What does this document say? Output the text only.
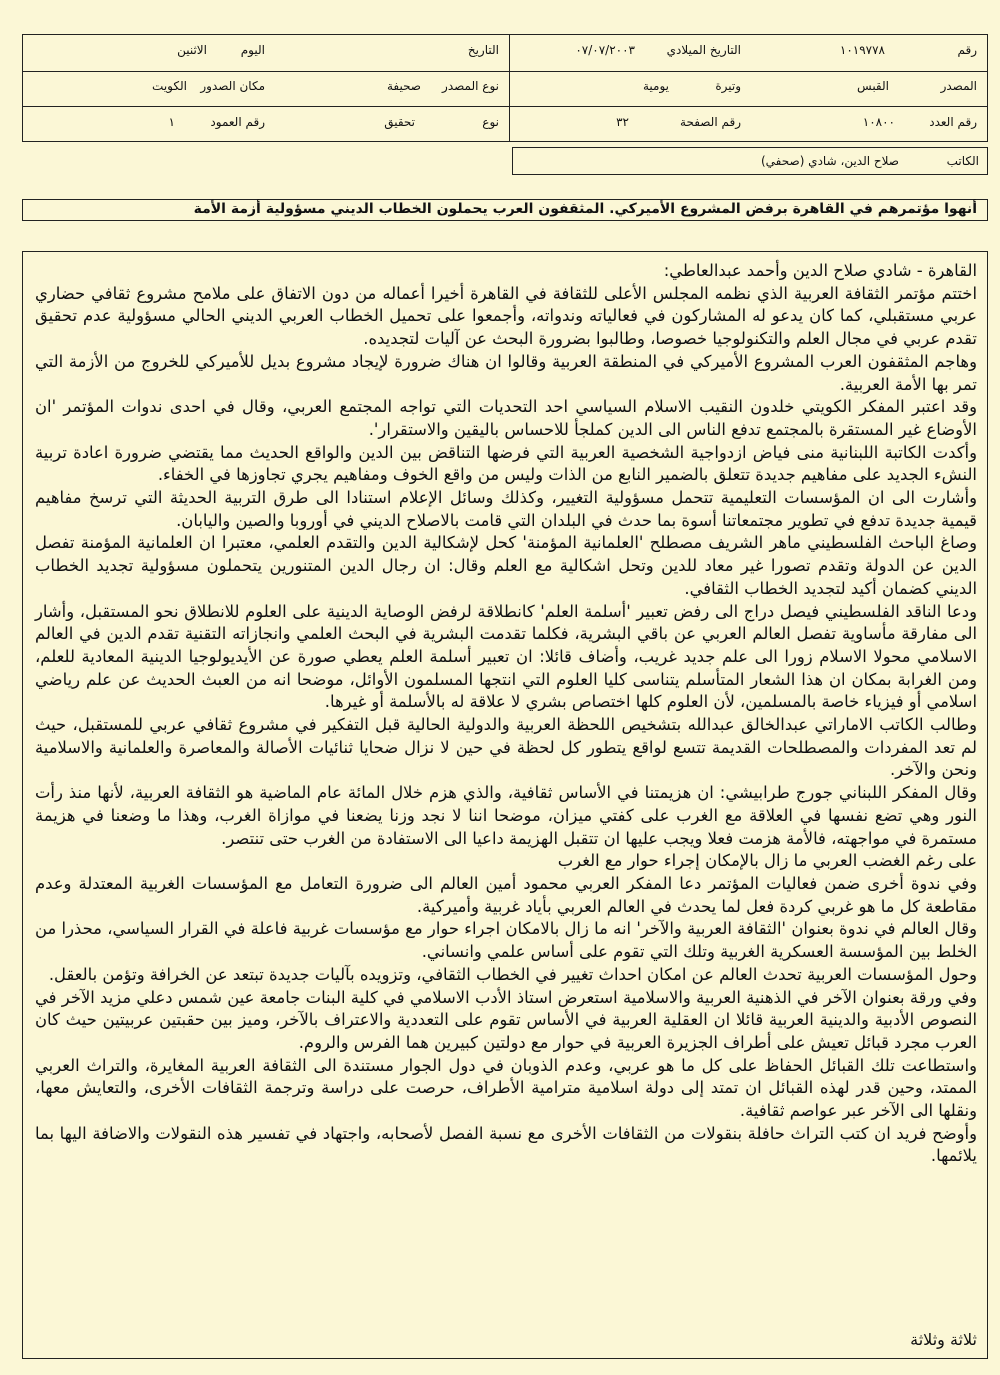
رقم
١٠١٩٧٧٨
التاريخ الميلادي
٠٧/٠٧/٢٠٠٣
التاريخ
اليوم
الاثنين
المصدر
القبس
وتيرة
يومية
نوع المصدر
صحيفة
مكان الصدور
الكويت
رقم العدد
١٠٨٠٠
رقم الصفحة
٣٢
نوع
تحقيق
رقم العمود
١
الكاتب
صلاح الدين، شادي (صحفي)
أنهوا مؤتمرهم في القاهرة برفض المشروع الأميركي. المثقفون العرب يحملون الخطاب الديني مسؤولية أزمة الأمة

القاهرة - شادي صلاح الدين وأحمد عبدالعاطي:

اختتم مؤتمر الثقافة العربية الذي نظمه المجلس الأعلى للثقافة في القاهرة أخيرا أعماله من دون الاتفاق على ملامح مشروع ثقافي حضاري عربي مستقبلي، كما كان يدعو له المشاركون في فعالياته وندواته، وأجمعوا على تحميل الخطاب العربي الديني الحالي مسؤولية عدم تحقيق تقدم عربي في مجال العلم والتكنولوجيا خصوصا، وطالبوا بضرورة البحث عن آليات لتجديده.

وهاجم المثقفون العرب المشروع الأميركي في المنطقة العربية وقالوا ان هناك ضرورة لإيجاد مشروع بديل للأميركي للخروج من الأزمة التي تمر بها الأمة العربية.

وقد اعتبر المفكر الكويتي خلدون النقيب الاسلام السياسي احد التحديات التي تواجه المجتمع العربي، وقال في احدى ندوات المؤتمر 'ان الأوضاع غير المستقرة بالمجتمع تدفع الناس الى الدين كملجأ للاحساس باليقين والاستقرار'.

وأكدت الكاتبة اللبنانية منى فياض ازدواجية الشخصية العربية التي فرضها التناقض بين الدين والواقع الحديث مما يقتضي ضرورة اعادة تربية النشء الجديد على مفاهيم جديدة تتعلق بالضمير النابع من الذات وليس من واقع الخوف ومفاهيم يجري تجاوزها في الخفاء.

وأشارت الى ان المؤسسات التعليمية تتحمل مسؤولية التغيير، وكذلك وسائل الإعلام استنادا الى طرق التربية الحديثة التي ترسخ مفاهيم قيمية جديدة تدفع في تطوير مجتمعاتنا أسوة بما حدث في البلدان التي قامت بالاصلاح الديني في أوروبا والصين واليابان.

وصاغ الباحث الفلسطيني ماهر الشريف مصطلح 'العلمانية المؤمنة' كحل لإشكالية الدين والتقدم العلمي، معتبرا ان العلمانية المؤمنة تفصل الدين عن الدولة وتقدم تصورا غير معاد للدين وتحل اشكالية مع العلم وقال: ان رجال الدين المتنورين يتحملون مسؤولية تجديد الخطاب الديني كضمان أكيد لتجديد الخطاب الثقافي.

ودعا الناقد الفلسطيني فيصل دراج الى رفض تعبير 'أسلمة العلم' كانطلاقة لرفض الوصاية الدينية على العلوم للانطلاق نحو المستقبل، وأشار الى مفارقة مأساوية تفصل العالم العربي عن باقي البشرية، فكلما تقدمت البشرية في البحث العلمي وانجازاته التقنية تقدم الدين في العالم الاسلامي محولا الاسلام زورا الى علم جديد غريب، وأضاف قائلا: ان تعبير أسلمة العلم يعطي صورة عن الأيديولوجيا الدينية المعادية للعلم، ومن الغرابة بمكان ان هذا الشعار المتأسلم يتناسى كليا العلوم التي انتجها المسلمون الأوائل، موضحا انه من العبث الحديث عن علم رياضي اسلامي أو فيزياء خاصة بالمسلمين، لأن العلوم كلها اختصاص بشري لا علاقة له بالأسلمة أو غيرها.

وطالب الكاتب الاماراتي عبدالخالق عبدالله بتشخيص اللحظة العربية والدولية الحالية قبل التفكير في مشروع ثقافي عربي للمستقبل، حيث لم تعد المفردات والمصطلحات القديمة تتسع لواقع يتطور كل لحظة في حين لا نزال ضحايا ثنائيات الأصالة والمعاصرة والعلمانية والاسلامية ونحن والآخر.

وقال المفكر اللبناني جورج طرابيشي: ان هزيمتنا في الأساس ثقافية، والذي هزم خلال المائة عام الماضية هو الثقافة العربية، لأنها منذ رأت النور وهي تضع نفسها في العلاقة مع الغرب على كفتي ميزان، موضحا اننا لا نجد وزنا يضعنا في موازاة الغرب، وهذا ما وضعنا في هزيمة مستمرة في مواجهته، فالأمة هزمت فعلا ويجب عليها ان تتقبل الهزيمة داعيا الى الاستفادة من الغرب حتى تنتصر.

على رغم الغضب العربي ما زال بالإمكان إجراء حوار مع الغرب

وفي ندوة أخرى ضمن فعاليات المؤتمر دعا المفكر العربي محمود أمين العالم الى ضرورة التعامل مع المؤسسات الغربية المعتدلة وعدم مقاطعة كل ما هو غربي كردة فعل لما يحدث في العالم العربي بأياد غربية وأميركية.

وقال العالم في ندوة بعنوان 'الثقافة العربية والآخر' انه ما زال بالامكان اجراء حوار مع مؤسسات غربية فاعلة في القرار السياسي، محذرا من الخلط بين المؤسسة العسكرية الغربية وتلك التي تقوم على أساس علمي وانساني.

وحول المؤسسات العربية تحدث العالم عن امكان احداث تغيير في الخطاب الثقافي، وتزويده بآليات جديدة تبتعد عن الخرافة وتؤمن بالعقل.

وفي ورقة بعنوان الآخر في الذهنية العربية والاسلامية استعرض استاذ الأدب الاسلامي في كلية البنات جامعة عين شمس دعلي مزيد الآخر في النصوص الأدبية والدينية العربية قائلا ان العقلية العربية في الأساس تقوم على التعددية والاعتراف بالآخر، وميز بين حقبتين عربيتين حيث كان العرب مجرد قبائل تعيش على أطراف الجزيرة العربية في حوار مع دولتين كبيرين هما الفرس والروم.

واستطاعت تلك القبائل الحفاظ على كل ما هو عربي، وعدم الذوبان في دول الجوار مستندة الى الثقافة العربية المغايرة، والتراث العربي الممتد، وحين قدر لهذه القبائل ان تمتد إلى دولة اسلامية مترامية الأطراف، حرصت على دراسة وترجمة الثقافات الأخرى، والتعايش معها، ونقلها الى الآخر عبر عواصم ثقافية.

وأوضح فريد ان كتب التراث حافلة بنقولات من الثقافات الأخرى مع نسبة الفصل لأصحابه، واجتهاد في تفسير هذه النقولات والاضافة اليها بما يلائمها.

ثلاثة وثلاثة
